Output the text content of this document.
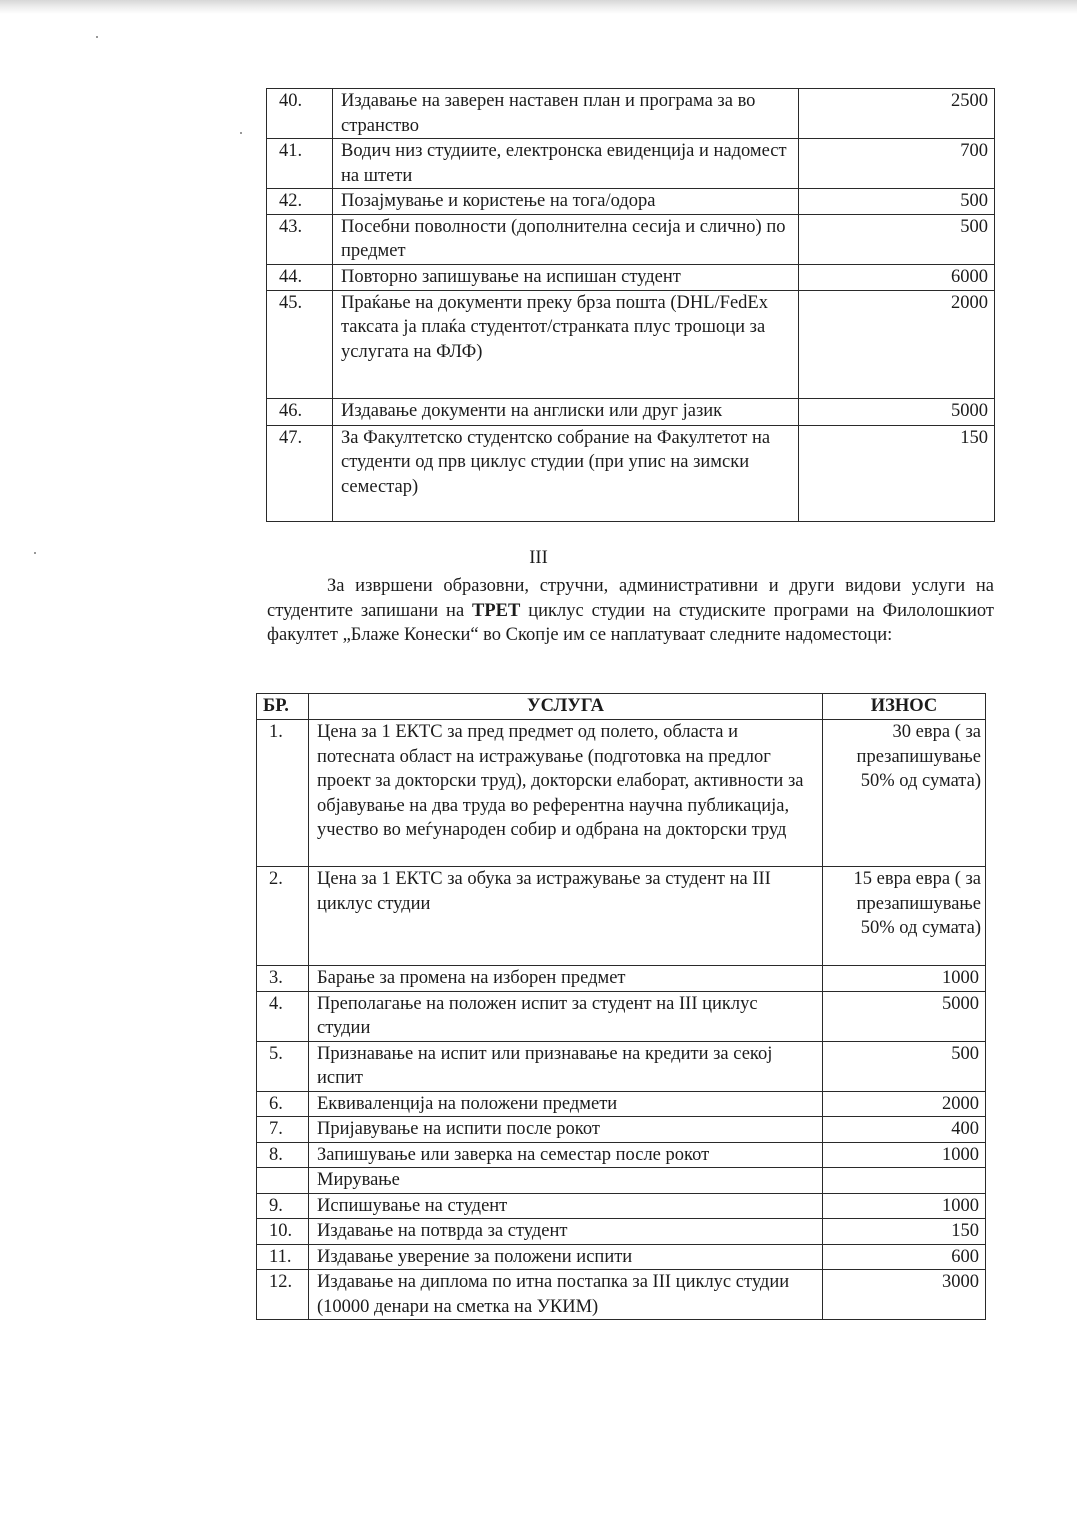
40.	Издавање на заверен наставен план и програма за во странство	2500
41.	Водич низ студиите, електронска евиденција и надомест на штети	700
42.	Позајмување и користење на тога/одора	500
43.	Посебни поволности (дополнителна сесија и слично) по предмет	500
44.	Повторно запишување на испишан студент	6000
45.	Праќање на документи преку брза пошта (DHL/FedEx таксата ја плаќа студентот/странката плус трошоци за услугата на ФЛФ)	2000
46.	Издавање документи на англиски или друг јазик	5000
47.	За Факултетско студентско собрание на Факултетот на студенти од прв циклус студии (при упис на зимски семестар)	150
III

За извршени образовни, стручни, административни и други видови услуги на студентите запишани на ТРЕТ циклус студии на студиските програми на Филолошкиот факултет „Блаже Конески“ во Скопје им се наплатуваат следните надоместоци:

БР.	УСЛУГА	ИЗНОС
1.	Цена за 1 ЕКТС за пред предмет од полето, областа и потесната област на истражување (подготовка на предлог проект за докторски труд), докторски елаборат, активности за објавување на два труда во референтна научна публикација, учество во меѓународен собир и одбрана на докторски труд	30 евра ( за презапишување 50% од сумата)
2.	Цена за 1 ЕКТС за обука за истражување за студент на III циклус студии	15 евра евра ( за презапишување 50% од сумата)
3.	Барање за промена на изборен предмет	1000
4.	Преполагање на положен испит за студент на III циклус студии	5000
5.	Признавање на испит или признавање на кредити за секој испит	500
6.	Еквиваленција на положени предмети	2000
7.	Пријавување на испити после рокот	400
8.	Запишување или заверка на семестар после рокот	1000
	Мирување	
9.	Испишување на студент	1000
10.	Издавање на потврда за студент	150
11.	Издавање уверение за положени испити	600
12.	Издавање на диплома по итна постапка за III циклус студии (10000 денари на сметка на УКИМ)	3000
